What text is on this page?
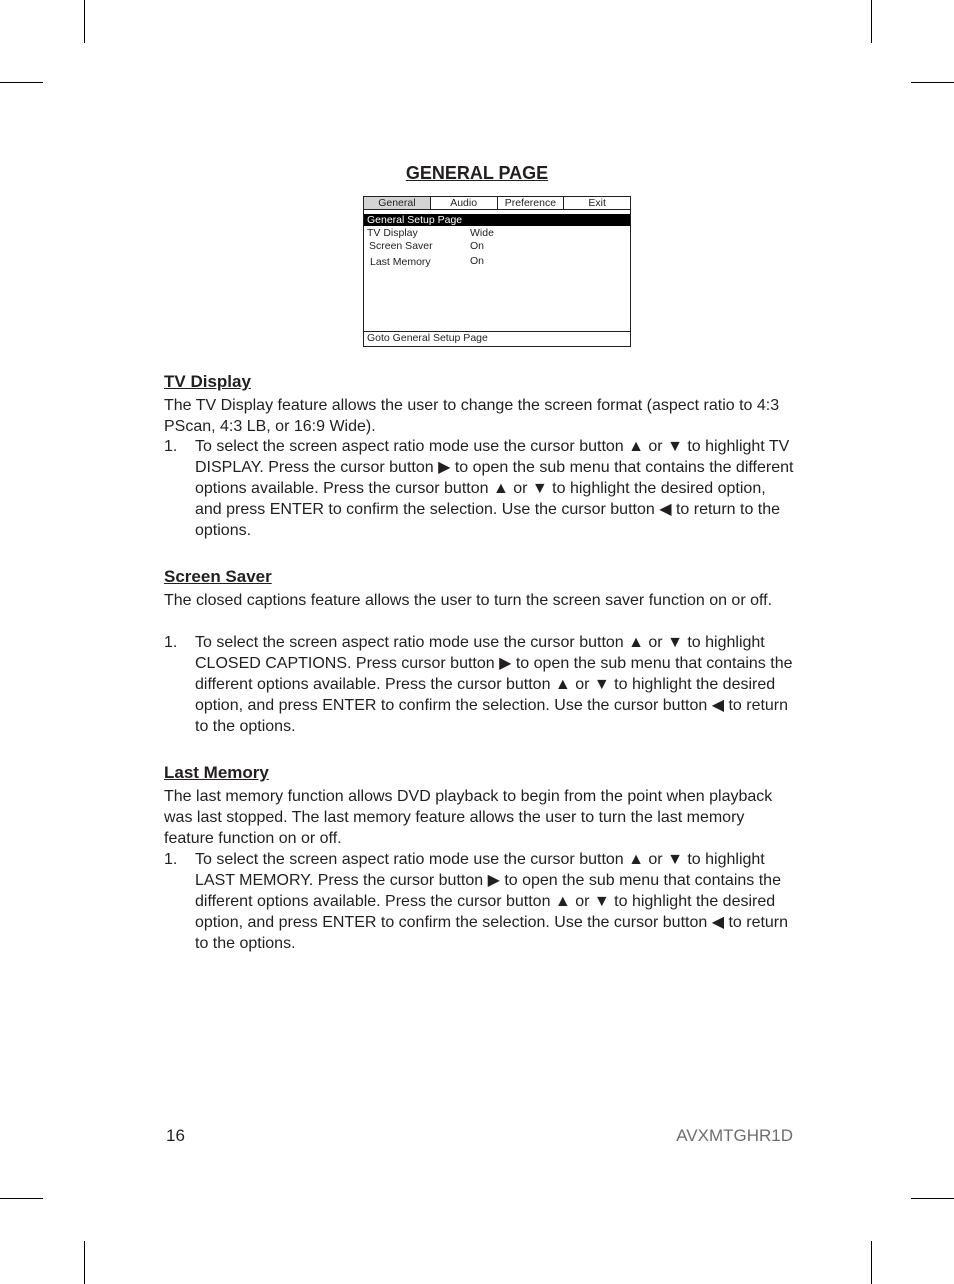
GENERAL PAGE
General	Audio	Preference	Exit
General Setup Page
TV Display	Wide
Screen Saver	On
Last Memory	On
Goto General Setup Page
TV Display
The TV Display feature allows the user to change the screen format (aspect ratio to 4:3 PScan, 4:3 LB, or 16:9 Wide).
1. To select the screen aspect ratio mode use the cursor button ▲ or ▼ to highlight TV DISPLAY. Press the cursor button ▶ to open the sub menu that contains the different options available. Press the cursor button ▲ or ▼ to highlight the desired option, and press ENTER to confirm the selection. Use the cursor button ◀ to return to the options.
Screen Saver
The closed captions feature allows the user to turn the screen saver function on or off.
1. To select the screen aspect ratio mode use the cursor button ▲ or ▼ to highlight CLOSED CAPTIONS. Press cursor button ▶ to open the sub menu that contains the different options available. Press the cursor button ▲ or ▼ to highlight the desired option, and press ENTER to confirm the selection. Use the cursor button ◀ to return to the options.
Last Memory
The last memory function allows DVD playback to begin from the point when playback was last stopped. The last memory feature allows the user to turn the last memory feature function on or off.
1. To select the screen aspect ratio mode use the cursor button ▲ or ▼ to highlight LAST MEMORY. Press the cursor button ▶ to open the sub menu that contains the different options available. Press the cursor button ▲ or ▼ to highlight the desired option, and press ENTER to confirm the selection. Use the cursor button ◀ to return to the options.
16	AVXMTGHR1D
